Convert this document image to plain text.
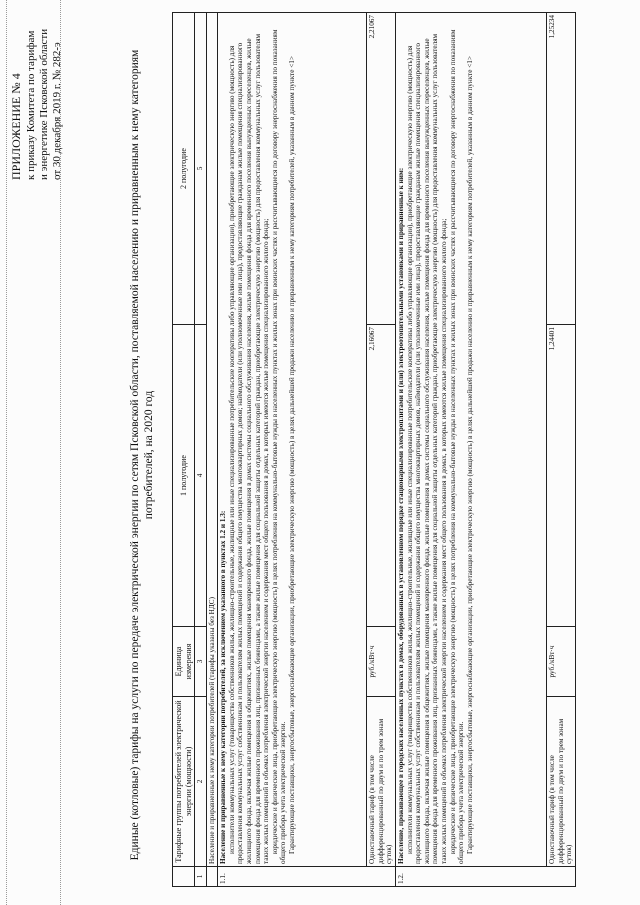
ПРИЛОЖЕНИЕ № 4 к приказу Комитета по тарифам и энергетике Псковской области от 30 декабря 2019 г. № 282-э	Единые (котловые) тарифы на услуги по передаче электрической энергии по сетям Псковской области, поставляемой населению и приравненным к нему категориям потребителей, на 2020 год
	Тарифные группы потребителей электрической энергии (мощности)	Единица измерения	1 полугодие	2 полугодие
1	2	3	4	5
	Население и приравненные к нему категории потребителей (тарифы указаны без НДС)			
1.1.	Население и приравненные к нему категории потребителей, за исключением указанного в пунктах 1.2 и 1.3: исполнители коммунальных услуг (товарищества собственников жилья, жилищно-строительные, жилищные или иные специализированные потребительские кооперативы либо управляющие организации), приобретающие электрическую энергию (мощность) для предоставления коммунальных услуг собственникам и пользователям жилых помещений и содержания общего имущества многоквартирных домов; наймодатели (или уполномоченные ими лица), предоставляющие гражданам жилые помещения специализированного жилищного фонда, включая жилые помещения в общежитиях, жилые помещения маневренного фонда, жилые помещения в домах системы социального обслуживания населения, жилые помещения фонда для временного поселения вынужденных переселенцев, жилые помещения фонда для временного проживания лиц, признанных беженцами, а также жилые помещения для социальной защиты отдельных категорий граждан, приобретающие электрическую энергию (мощность) для предоставления коммунальных услуг пользователям таких жилых помещений в объемах потребления электрической энергии населением и содержания мест общего пользования в домах, в которых имеются жилые помещения специализированного жилого фонда; юридические и физические лица, приобретающие электрическую энергию (мощность) в целях потребления на коммунально-бытовые нужды в населенных пунктах и жилых зонах при воинских частях и рассчитывающиеся по договору энергоснабжения по показаниям общего прибора учета электрической энергии. Гарантирующие поставщики, энергосбытовые, энергоснабжающие организации, приобретающие электрическую энергию (мощность) в целях дальнейшей продажи населению и приравненным к нему категориям потребителей, указанным в данном пункте <1>			

	Одноставочный тариф (в том числе дифференцированный по двум и по трем зонам суток)	руб./кВт·ч	2,16067	2,21067
1.2.	Население, проживающее в городских населенных пунктах в домах, оборудованных в установленном порядке стационарными электроплитами и (или) электроотопительными установками и приравненные к ним: исполнители коммунальных услуг (товарищества собственников жилья, жилищно-строительные, жилищные или иные специализированные потребительские кооперативы либо управляющие организации), приобретающие электрическую энергию (мощность) для предоставления коммунальных услуг собственникам и пользователям жилых помещений и содержания общего имущества многоквартирных домов, наймодатели (или уполномоченные ими лица), предоставляющие гражданам жилые помещения специализированного жилищного фонда, включая жилые помещения в общежитиях, жилые помещения маневренного фонда, жилые помещения в домах системы социального обслуживания населения, жилые помещения фонда для временного поселения вынужденных переселенцев, жилые помещения фонда для временного проживания лиц, признанных беженцами, а также жилые помещения для социальной защиты отдельных категорий граждан, приобретающие электрическую энергию (мощность) для предоставления коммунальных услуг пользователям таких жилых помещений в объемах потребления электрической энергии населением и содержания мест общего пользования в домах, в которых имеются жилые помещения специализированного жилого фонда; юридические и физические лица, приобретающие электрическую энергию (мощность) в целях потребления на коммунально-бытовые нужды в населенных пунктах и жилых зонах при воинских частях и рассчитывающиеся по договору энергоснабжения по показаниям общего прибора учета электрической энергии. Гарантирующие поставщики, энергосбытовые, энергоснабжающие организации, приобретающие электрическую энергию (мощность) в целях дальнейшей продажи населению и приравненным к нему категориям потребителей, указанным в данном пункте <1>			

	Одноставочный тариф (в том числе дифференцированный по двум и по трем зонам суток)	руб./кВт·ч	1,24401	1,25234
